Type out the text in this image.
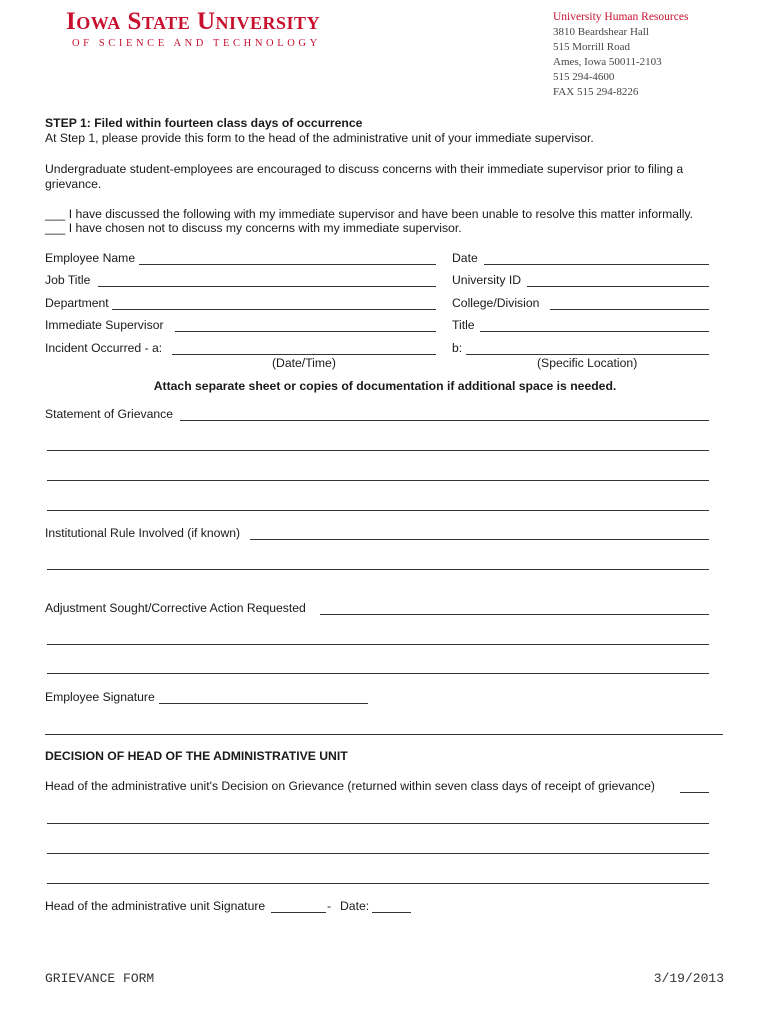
Iowa State University
OF SCIENCE AND TECHNOLOGY
University Human Resources
3810 Beardshear Hall
515 Morrill Road
Ames, Iowa 50011-2103
515 294-4600
FAX 515 294-8226
STEP 1: Filed within fourteen class days of occurrence
At Step 1, please provide this form to the head of the administrative unit of your immediate supervisor.
Undergraduate student-employees are encouraged to discuss concerns with their immediate supervisor prior to filing a
grievance.
___ I have discussed the following with my immediate supervisor and have been unable to resolve this matter informally.
___ I have chosen not to discuss my concerns with my immediate supervisor.
Employee Name	Date
Job Title	University ID
Department	College/Division
Immediate Supervisor	Title
Incident Occurred - a:	b:
(Date/Time)	(Specific Location)
Attach separate sheet or copies of documentation if additional space is needed.
Statement of Grievance
Institutional Rule Involved (if known)
Adjustment Sought/Corrective Action Requested
Employee Signature
DECISION OF HEAD OF THE ADMINISTRATIVE UNIT
Head of the administrative unit's Decision on Grievance (returned within seven class days of receipt of grievance)
Head of the administrative unit Signature	- Date:
GRIEVANCE FORM	3/19/2013
